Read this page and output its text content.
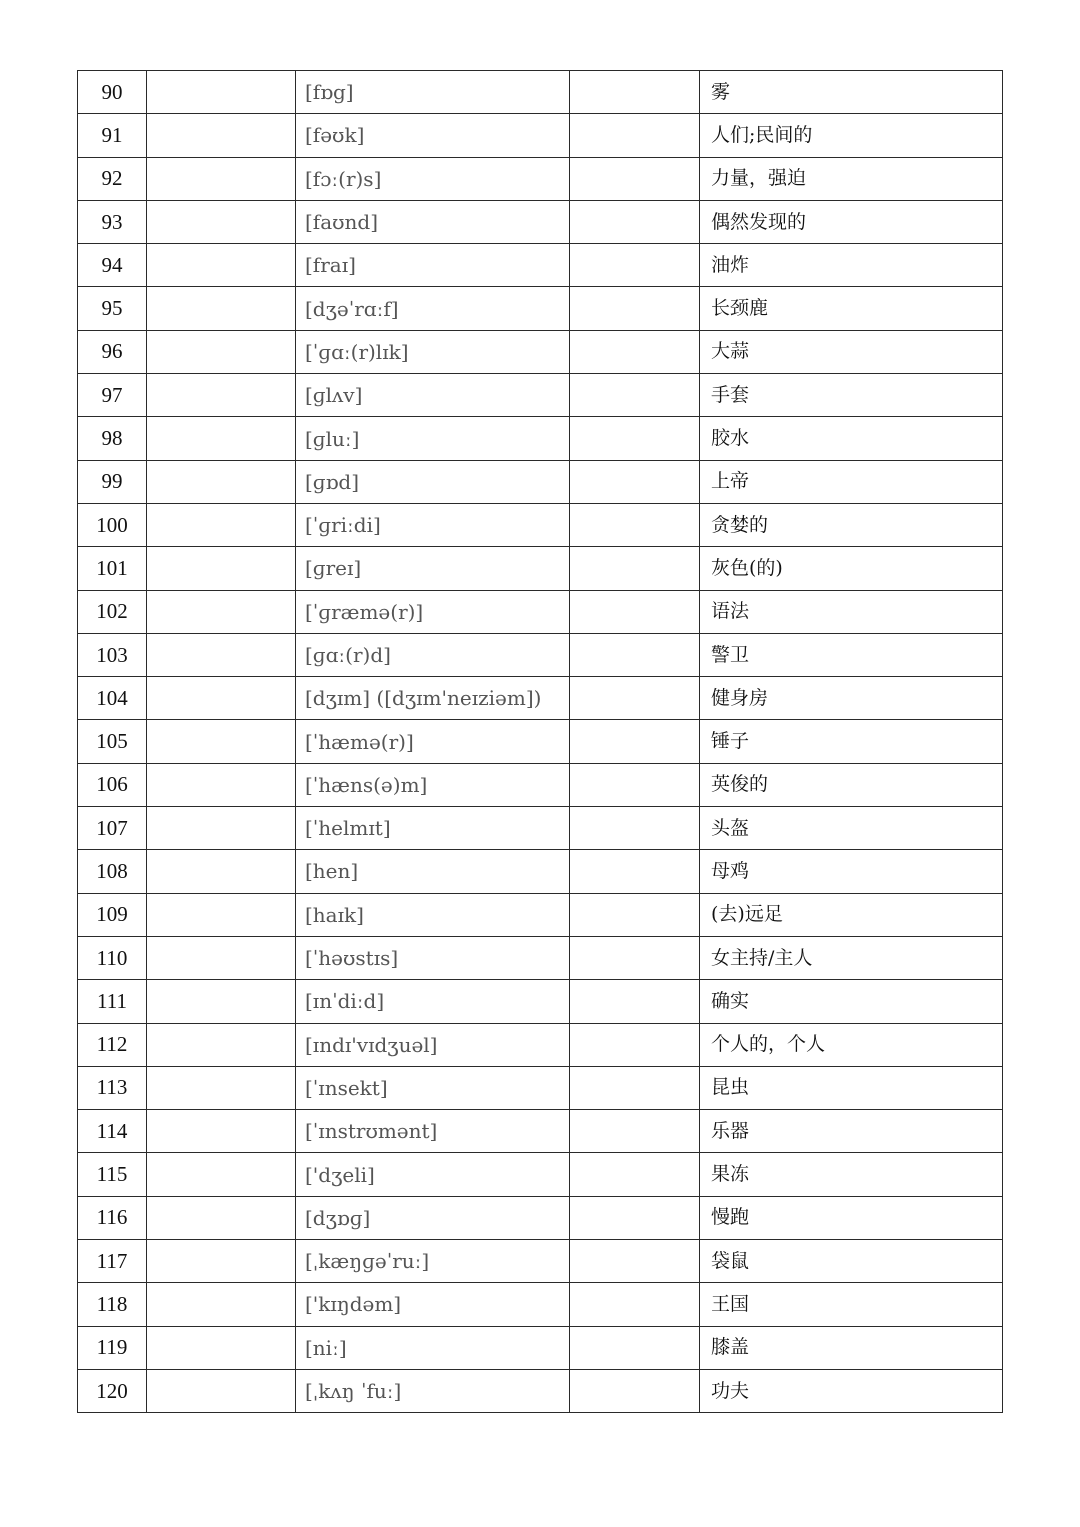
90		[fɒg]		雾
91		[fəʊk]		人们;民间的
92		[fɔː(r)s]		力量，强迫
93		[faʊnd]		偶然发现的
94		[fraɪ]		油炸
95		[dʒəˈrɑːf]		长颈鹿
96		[ˈɡɑː(r)lɪk]		大蒜
97		[ɡlʌv]		手套
98		[ɡluː]		胶水
99		[ɡɒd]		上帝
100		[ˈɡriːdi]		贪婪的
101		[ɡreɪ]		灰色(的)
102		[ˈɡræmə(r)]		语法
103		[ɡɑː(r)d]		警卫
104		[dʒɪm] ([dʒɪm'neɪziəm])		健身房
105		[ˈhæmə(r)]		锤子
106		[ˈhæns(ə)m]		英俊的
107		[ˈhelmɪt]		头盔
108		[hen]		母鸡
109		[haɪk]		(去)远足
110		[ˈhəʊstɪs]		女主持/主人
111		[ɪnˈdiːd]		确实
112		[ɪndɪ'vɪdʒuəl]		个人的，个人
113		[ˈɪnsekt]		昆虫
114		[ˈɪnstrʊmənt]		乐器
115		['dʒeli]		果冻
116		[dʒɒɡ]		慢跑
117		[ˌkæŋɡəˈruː]		袋鼠
118		['kɪŋdəm]		王国
119		[niː]		膝盖
120		[ˌkʌŋ ˈfuː]		功夫
